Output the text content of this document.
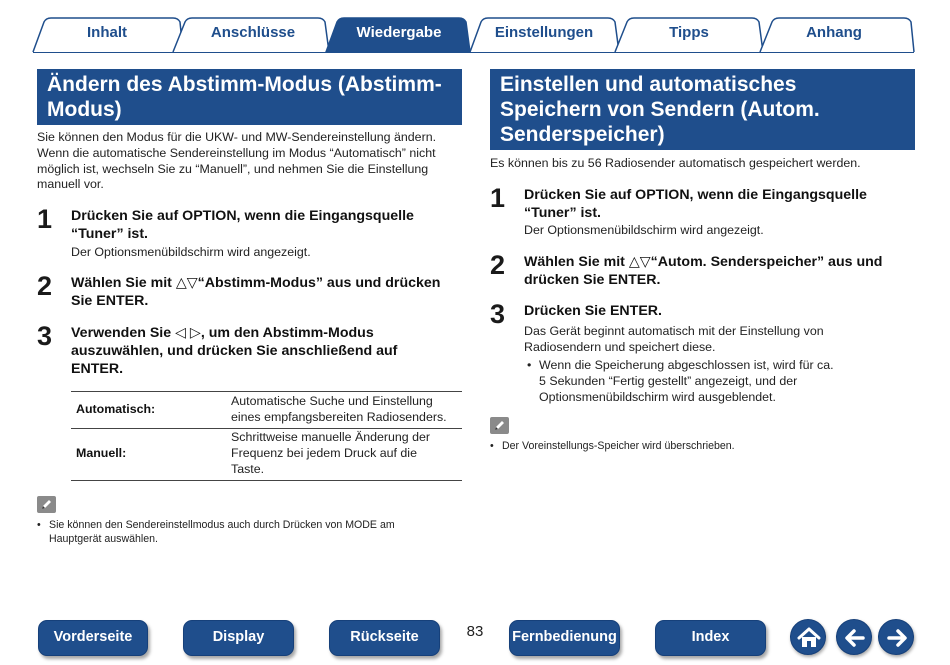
Inhalt	Anschlüsse	Wiedergabe	Einstellungen	Tipps	Anhang
Ändern des Abstimm-Modus (Abstimm-
Modus)
Sie können den Modus für die UKW- und MW-Sendereinstellung ändern.
Wenn die automatische Sendereinstellung im Modus “Automatisch” nicht
möglich ist, wechseln Sie zu “Manuell”, und nehmen Sie die Einstellung
manuell vor.
1 Drücken Sie auf OPTION, wenn die Eingangsquelle
“Tuner” ist.
Der Optionsmenübildschirm wird angezeigt.
2 Wählen Sie mit △▽“Abstimm-Modus” aus und drücken
Sie ENTER.
3 Verwenden Sie ◁ ▷, um den Abstimm-Modus
auszuwählen, und drücken Sie anschließend auf
ENTER.
Automatisch:
Automatische Suche und Einstellung
eines empfangsbereiten Radiosenders.
Manuell:
Schrittweise manuelle Änderung der
Frequenz bei jedem Druck auf die
Taste.
• Sie können den Sendereinstellmodus auch durch Drücken von MODE am
Hauptgerät auswählen.
Einstellen und automatisches
Speichern von Sendern (Autom.
Senderspeicher)
Es können bis zu 56 Radiosender automatisch gespeichert werden.
1 Drücken Sie auf OPTION, wenn die Eingangsquelle
“Tuner” ist.
Der Optionsmenübildschirm wird angezeigt.
2 Wählen Sie mit △▽“Autom. Senderspeicher” aus und
drücken Sie ENTER.
3 Drücken Sie ENTER.
Das Gerät beginnt automatisch mit der Einstellung von
Radiosendern und speichert diese.
• Wenn die Speicherung abgeschlossen ist, wird für ca.
5 Sekunden “Fertig gestellt” angezeigt, und der
Optionsmenübildschirm wird ausgeblendet.
• Der Voreinstellungs-Speicher wird überschrieben.
Vorderseite	Display	Rückseite	83	Fernbedienung	Index
